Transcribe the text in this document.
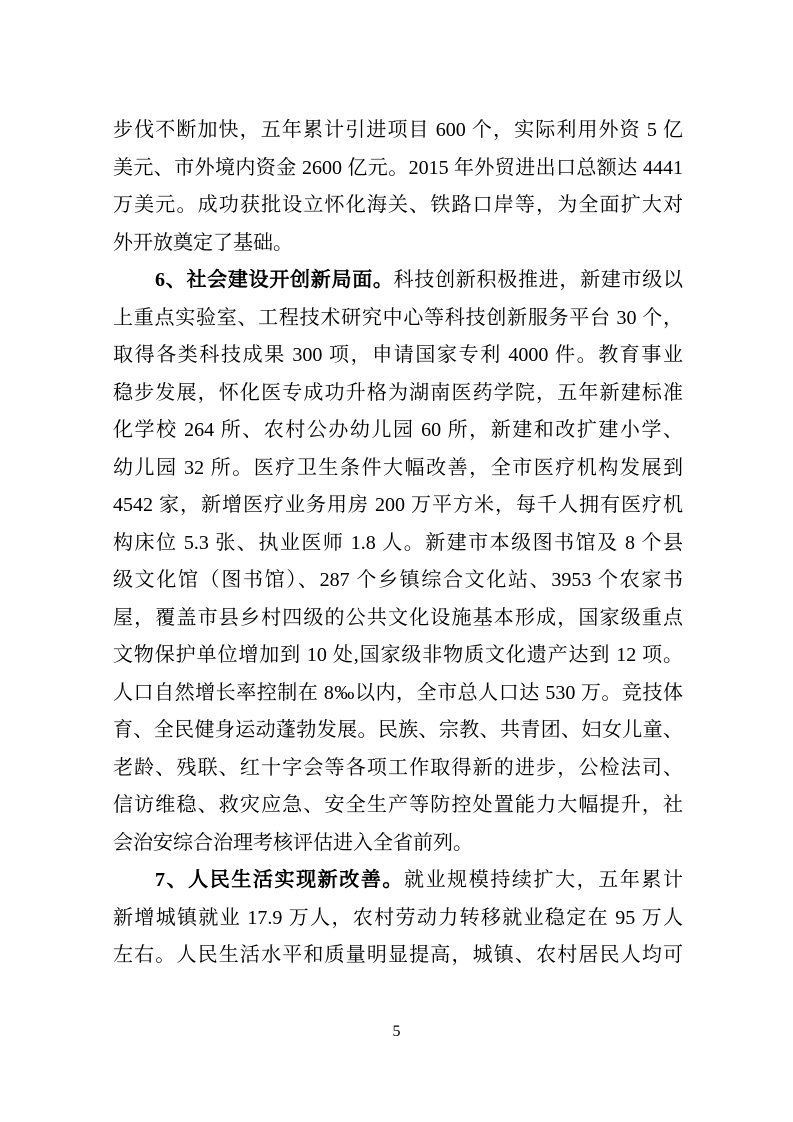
步伐不断加快，五年累计引进项目 600 个，实际利用外资 5 亿
美元、市外境内资金 2600 亿元。2015 年外贸进出口总额达 4441
万美元。成功获批设立怀化海关、铁路口岸等，为全面扩大对
外开放奠定了基础。
6、社会建设开创新局面。科技创新积极推进，新建市级以
上重点实验室、工程技术研究中心等科技创新服务平台 30 个，
取得各类科技成果 300 项，申请国家专利 4000 件。教育事业
稳步发展，怀化医专成功升格为湖南医药学院，五年新建标准
化学校 264 所、农村公办幼儿园 60 所，新建和改扩建小学、
幼儿园 32 所。医疗卫生条件大幅改善，全市医疗机构发展到
4542 家，新增医疗业务用房 200 万平方米，每千人拥有医疗机
构床位 5.3 张、执业医师 1.8 人。新建市本级图书馆及 8 个县
级文化馆（图书馆）、287 个乡镇综合文化站、3953 个农家书
屋，覆盖市县乡村四级的公共文化设施基本形成，国家级重点
文物保护单位增加到 10 处,国家级非物质文化遗产达到 12 项。
人口自然增长率控制在 8‰以内，全市总人口达 530 万。竞技体
育、全民健身运动蓬勃发展。民族、宗教、共青团、妇女儿童、
老龄、残联、红十字会等各项工作取得新的进步，公检法司、
信访维稳、救灾应急、安全生产等防控处置能力大幅提升，社
会治安综合治理考核评估进入全省前列。
7、人民生活实现新改善。就业规模持续扩大，五年累计
新增城镇就业 17.9 万人，农村劳动力转移就业稳定在 95 万人
左右。人民生活水平和质量明显提高，城镇、农村居民人均可
5
